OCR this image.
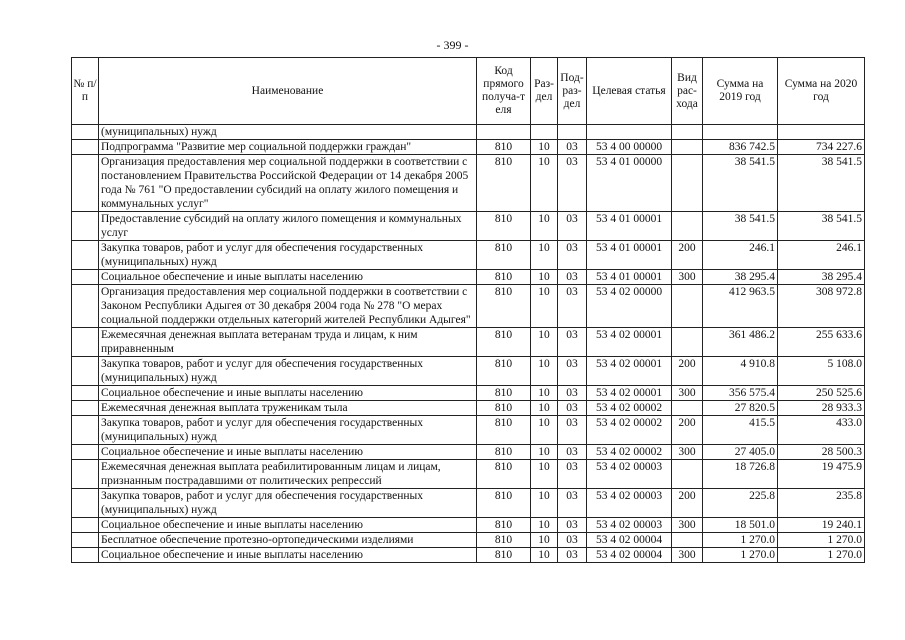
- 399 -
№ п/п	Наименование	Код прямого получа-т еля	Раз-дел	Под-раз-дел	Целевая статья	Вид рас-хода	Сумма на 2019 год	Сумма на 2020 год
	(муниципальных) нужд							
	Подпрограмма "Развитие мер социальной поддержки граждан"	810	10	03	53 4 00 00000		836 742.5	734 227.6
	Организация предоставления мер социальной поддержки в соответствии с постановлением Правительства Российской Федерации от 14 декабря 2005 года № 761 "О предоставлении субсидий на оплату жилого помещения и коммунальных услуг"	810	10	03	53 4 01 00000		38 541.5	38 541.5
	Предоставление субсидий на оплату жилого помещения и коммунальных услуг	810	10	03	53 4 01 00001		38 541.5	38 541.5
	Закупка товаров, работ и услуг для обеспечения государственных (муниципальных) нужд	810	10	03	53 4 01 00001	200	246.1	246.1
	Социальное обеспечение и иные выплаты населению	810	10	03	53 4 01 00001	300	38 295.4	38 295.4
	Организация предоставления мер социальной поддержки в соответствии с Законом Республики Адыгея от 30 декабря 2004 года № 278 "О мерах социальной поддержки отдельных категорий жителей Республики Адыгея"	810	10	03	53 4 02 00000		412 963.5	308 972.8
	Ежемесячная денежная выплата ветеранам труда и лицам, к ним приравненным	810	10	03	53 4 02 00001		361 486.2	255 633.6
	Закупка товаров, работ и услуг для обеспечения государственных (муниципальных) нужд	810	10	03	53 4 02 00001	200	4 910.8	5 108.0
	Социальное обеспечение и иные выплаты населению	810	10	03	53 4 02 00001	300	356 575.4	250 525.6
	Ежемесячная денежная выплата труженикам тыла	810	10	03	53 4 02 00002		27 820.5	28 933.3
	Закупка товаров, работ и услуг для обеспечения государственных (муниципальных) нужд	810	10	03	53 4 02 00002	200	415.5	433.0
	Социальное обеспечение и иные выплаты населению	810	10	03	53 4 02 00002	300	27 405.0	28 500.3
	Ежемесячная денежная выплата реабилитированным лицам и лицам, признанным пострадавшими от политических репрессий	810	10	03	53 4 02 00003		18 726.8	19 475.9
	Закупка товаров, работ и услуг для обеспечения государственных (муниципальных) нужд	810	10	03	53 4 02 00003	200	225.8	235.8
	Социальное обеспечение и иные выплаты населению	810	10	03	53 4 02 00003	300	18 501.0	19 240.1
	Бесплатное обеспечение протезно-ортопедическими изделиями	810	10	03	53 4 02 00004		1 270.0	1 270.0
	Социальное обеспечение и иные выплаты населению	810	10	03	53 4 02 00004	300	1 270.0	1 270.0
